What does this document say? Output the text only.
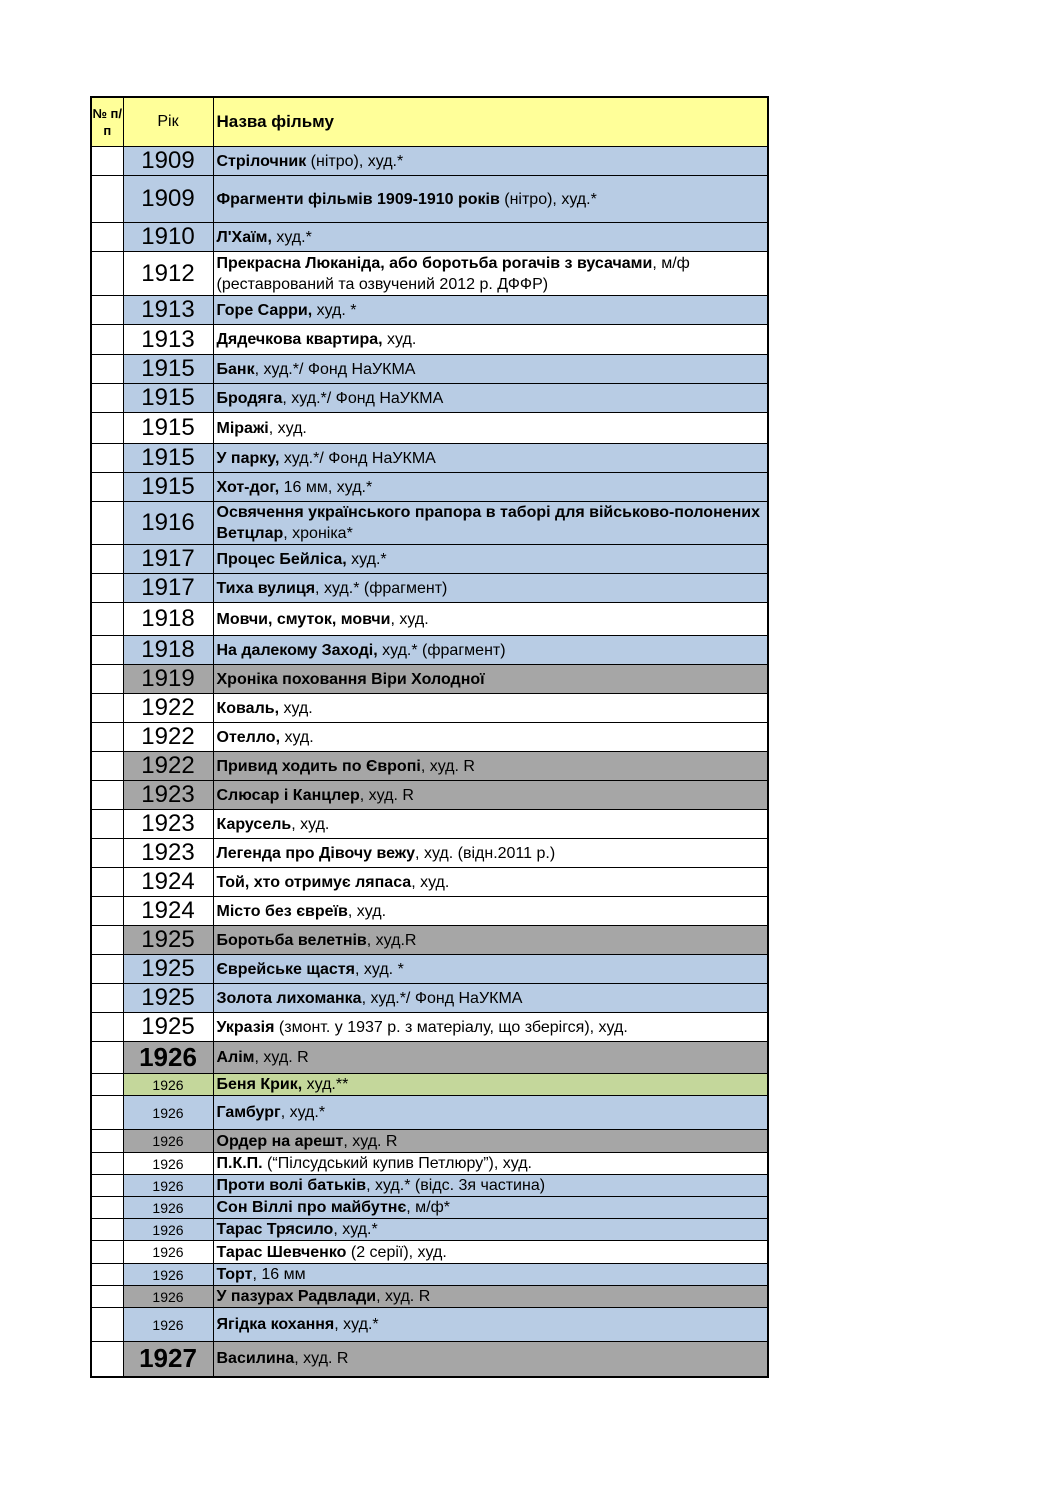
№ п/п	Рік	Назва фільму
	1909	Стрілочник (нітро), худ.*
	1909	Фрагменти фільмів 1909-1910 років (нітро), худ.*
	1910	Л'Хаїм, худ.*
	1912	Прекрасна Люканіда, або боротьба рогачів з вусачами, м/ф (реставрований та озвучений 2012 р. ДФФР)
	1913	Горе Сарри, худ. *
	1913	Дядечкова квартира, худ.
	1915	Банк, худ.*/ Фонд НаУКМА
	1915	Бродяга, худ.*/ Фонд НаУКМА
	1915	Міражі, худ.
	1915	У парку, худ.*/ Фонд НаУКМА
	1915	Хот-дог, 16 мм, худ.*
	1916	Освячення українського прапора в таборі для військово-полонених Ветцлар, хроніка*
	1917	Процес Бейліса, худ.*
	1917	Тиха вулиця, худ.* (фрагмент)
	1918	Мовчи, смуток, мовчи, худ.
	1918	На далекому Заході, худ.* (фрагмент)
	1919	Хроніка поховання Віри Холодної
	1922	Коваль, худ.
	1922	Отелло, худ.
	1922	Привид ходить по Європі, худ. R
	1923	Слюсар і Канцлер, худ. R
	1923	Карусель, худ.
	1923	Легенда про Дівочу вежу, худ. (відн.2011 р.)
	1924	Той, хто отримує ляпаса, худ.
	1924	Місто без євреїв, худ.
	1925	Боротьба велетнів, худ.R
	1925	Єврейське щастя, худ. *
	1925	Золота лихоманка, худ.*/ Фонд НаУКМА
	1925	Укразія (змонт. у 1937 р. з матеріалу, що зберігся), худ.
	1926	Алім, худ. R
	1926	Беня Крик, худ.**
	1926	Гамбург, худ.*
	1926	Ордер на арешт, худ. R
	1926	П.К.П. (“Пілсудський купив Петлюру”), худ.
	1926	Проти волі батьків, худ.* (відс. 3я частина)
	1926	Сон Віллі про майбутнє, м/ф*
	1926	Тарас Трясило, худ.*
	1926	Тарас Шевченко (2 серії), худ.
	1926	Торт, 16 мм
	1926	У пазурах Радвлади, худ. R
	1926	Ягідка кохання, худ.*
	1927	Василина, худ. R
